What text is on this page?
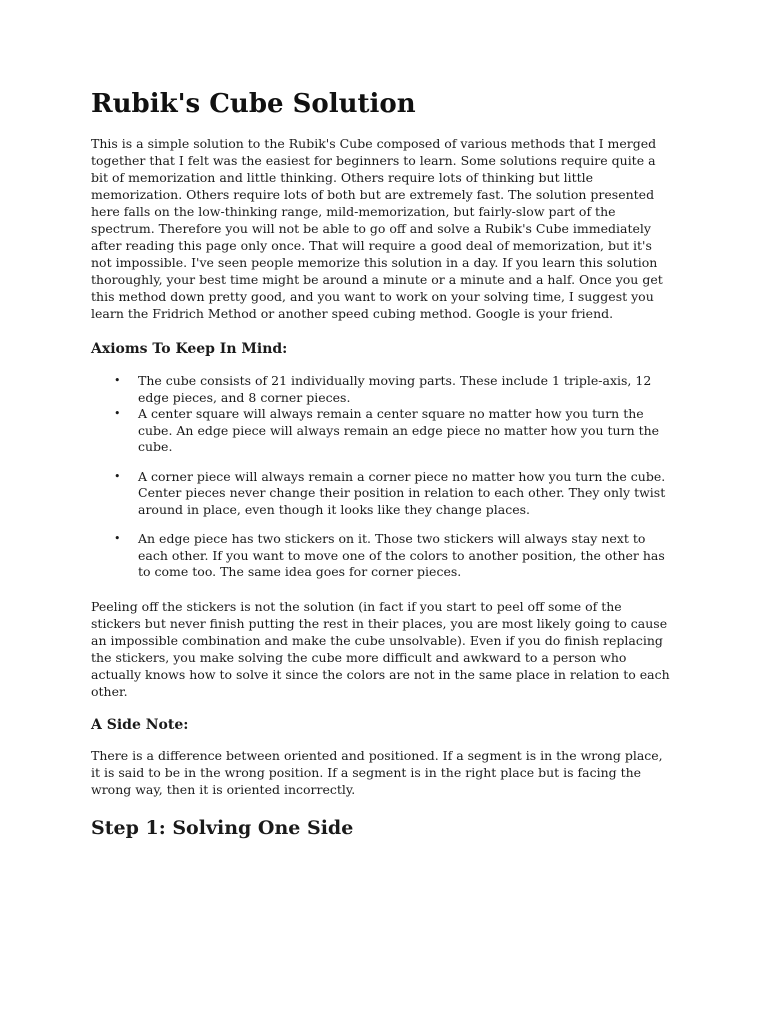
Rubik's Cube Solution

This is a simple solution to the Rubik's Cube composed of various methods that I merged together that I felt was the easiest for beginners to learn. Some solutions require quite a bit of memorization and little thinking. Others require lots of thinking but little memorization. Others require lots of both but are extremely fast. The solution presented here falls on the low-thinking range, mild-memorization, but fairly-slow part of the spectrum. Therefore you will not be able to go off and solve a Rubik's Cube immediately after reading this page only once. That will require a good deal of memorization, but it's not impossible. I've seen people memorize this solution in a day. If you learn this solution thoroughly, your best time might be around a minute or a minute and a half. Once you get this method down pretty good, and you want to work on your solving time, I suggest you learn the Fridrich Method or another speed cubing method. Google is your friend.

Axioms To Keep In Mind:
• The cube consists of 21 individually moving parts. These include 1 triple-axis, 12 edge pieces, and 8 corner pieces.
• A center square will always remain a center square no matter how you turn the cube. An edge piece will always remain an edge piece no matter how you turn the cube.
• A corner piece will always remain a corner piece no matter how you turn the cube. Center pieces never change their position in relation to each other. They only twist around in place, even though it looks like they change places.
• An edge piece has two stickers on it. Those two stickers will always stay next to each other. If you want to move one of the colors to another position, the other has to come too. The same idea goes for corner pieces.

Peeling off the stickers is not the solution (in fact if you start to peel off some of the stickers but never finish putting the rest in their places, you are most likely going to cause an impossible combination and make the cube unsolvable). Even if you do finish replacing the stickers, you make solving the cube more difficult and awkward to a person who actually knows how to solve it since the colors are not in the same place in relation to each other.

A Side Note:

There is a difference between oriented and positioned. If a segment is in the wrong place, it is said to be in the wrong position. If a segment is in the right place but is facing the wrong way, then it is oriented incorrectly.

Step 1: Solving One Side
